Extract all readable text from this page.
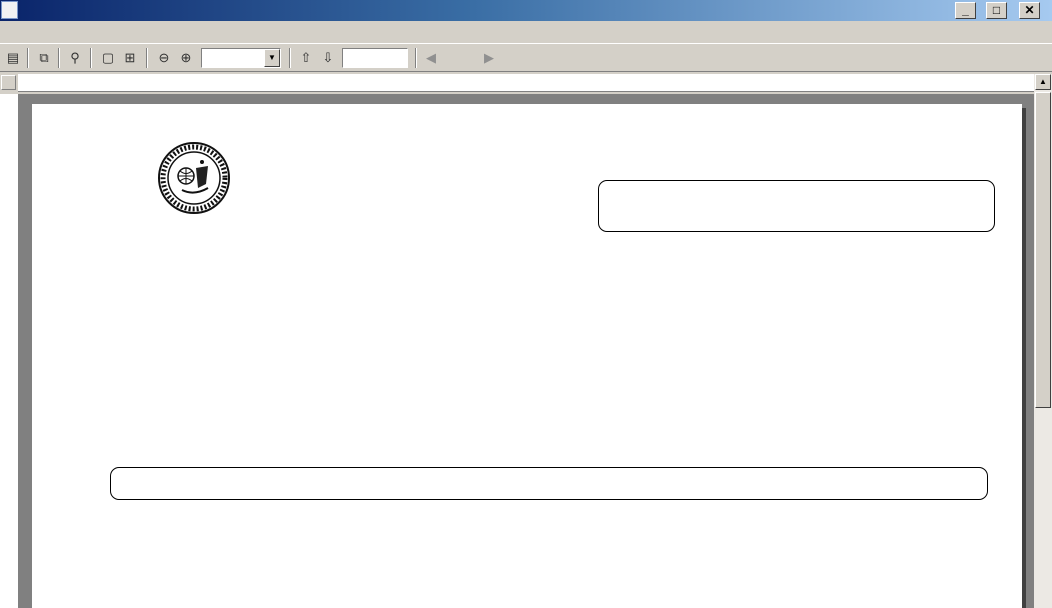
_	□	✕
▤	⧉	⚲	▢ ⊞ ⊖ ⊕	▼	⇧ ⇩	◀	▶
▲
